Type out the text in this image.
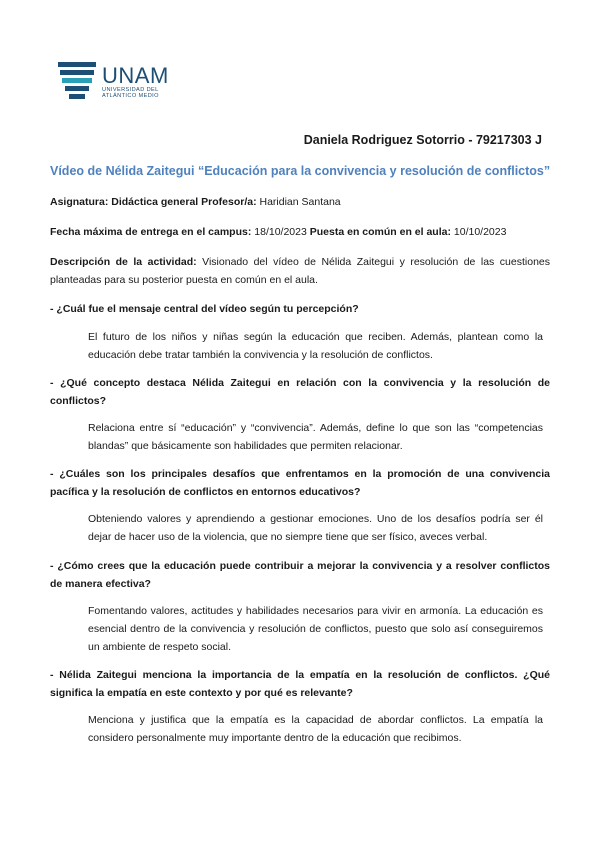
UNAM
UNIVERSIDAD DEL
ATLÁNTICO MEDIO
Daniela Rodriguez Sotorrio - 79217303 J
Vídeo de Nélida Zaitegui “Educación para la convivencia y resolución de conflictos”
Asignatura: Didáctica general Profesor/a: Haridian Santana
Fecha máxima de entrega en el campus: 18/10/2023 Puesta en común en el aula: 10/10/2023
Descripción de la actividad: Visionado del vídeo de Nélida Zaitegui y resolución de las cuestiones planteadas para su posterior puesta en común en el aula.
- ¿Cuál fue el mensaje central del vídeo según tu percepción?
El futuro de los niños y niñas según la educación que reciben. Además, plantean como la educación debe tratar también la convivencia y la resolución de conflictos.
- ¿Qué concepto destaca Nélida Zaitegui en relación con la convivencia y la resolución de conflictos?
Relaciona entre sí “educación” y “convivencia”. Además, define lo que son las “competencias blandas” que básicamente son habilidades que permiten relacionar.
- ¿Cuáles son los principales desafíos que enfrentamos en la promoción de una convivencia pacífica y la resolución de conflictos en entornos educativos?
Obteniendo valores y aprendiendo a gestionar emociones. Uno de los desafíos podría ser él dejar de hacer uso de la violencia, que no siempre tiene que ser físico, aveces verbal.
- ¿Cómo crees que la educación puede contribuir a mejorar la convivencia y a resolver conflictos de manera efectiva?
Fomentando valores, actitudes y habilidades necesarios para vivir en armonía. La educación es esencial dentro de la convivencia y resolución de conflictos, puesto que solo así conseguiremos un ambiente de respeto social.
- Nélida Zaitegui menciona la importancia de la empatía en la resolución de conflictos. ¿Qué significa la empatía en este contexto y por qué es relevante?
Menciona y justifica que la empatía es la capacidad de abordar conflictos. La empatía la considero personalmente muy importante dentro de la educación que recibimos.
